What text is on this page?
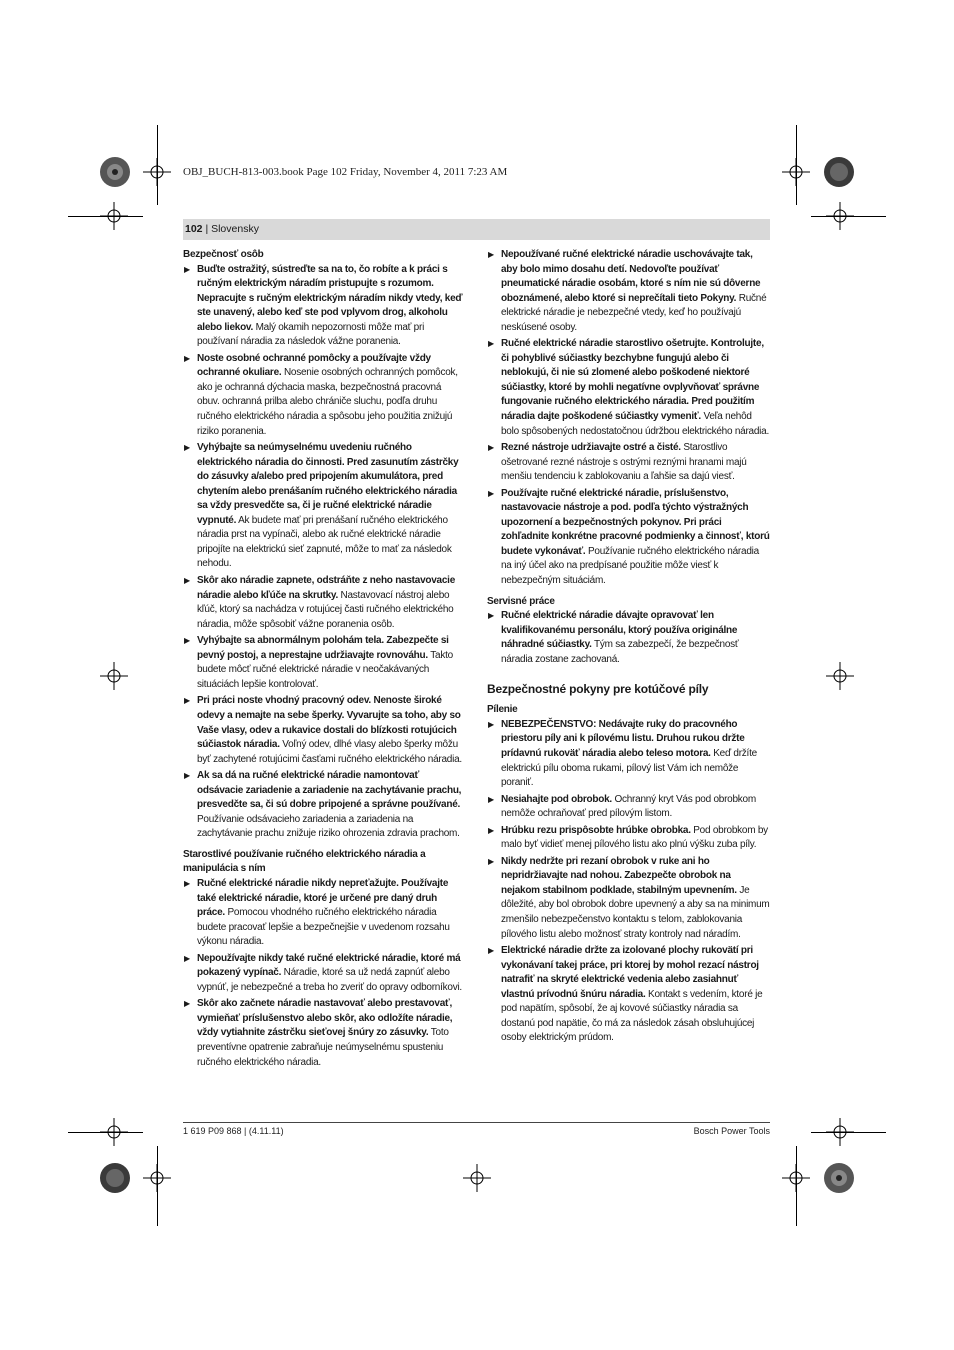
OBJ_BUCH-813-003.book Page 102 Friday, November 4, 2011 7:23 AM
102 | Slovensky

Bezpečnosť osôb

▶ Buďte ostražitý, sústreďte sa na to, čo robíte a k práci s ručným elektrickým náradím pristupujte s rozumom. Nepracujte s ručným elektrickým náradím nikdy vtedy, keď ste unavený, alebo keď ste pod vplyvom drog, alkoholu alebo liekov. Malý okamih nepozornosti môže mať pri používaní náradia za následok vážne poranenia.

▶ Noste osobné ochranné pomôcky a používajte vždy ochranné okuliare. Nosenie osobných ochranných pomôcok, ako je ochranná dýchacia maska, bezpečnostná pracovná obuv. ochranná prilba alebo chrániče sluchu, podľa druhu ručného elektrického náradia a spôsobu jeho použitia znižujú riziko poranenia.

▶ Vyhýbajte sa neúmyselnému uvedeniu ručného elektrického náradia do činnosti. Pred zasunutím zástrčky do zásuvky a/alebo pred pripojením akumulátora, pred chytením alebo prenášaním ručného elektrického náradia sa vždy presvedčte sa, či je ručné elektrické náradie vypnuté. Ak budete mať pri prenášaní ručného elektrického náradia prst na vypínači, alebo ak ručné elektrické náradie pripojíte na elektrickú sieť zapnuté, môže to mať za následok nehodu.

▶ Skôr ako náradie zapnete, odstráňte z neho nastavovacie náradie alebo kľúče na skrutky. Nastavovací nástroj alebo kľúč, ktorý sa nachádza v rotujúcej časti ručného elektrického náradia, môže spôsobiť vážne poranenia osôb.

▶ Vyhýbajte sa abnormálnym polohám tela. Zabezpečte si pevný postoj, a neprestajne udržiavajte rovnováhu. Takto budete môcť ručné elektrické náradie v neočakávaných situáciách lepšie kontrolovať.

▶ Pri práci noste vhodný pracovný odev. Nenoste široké odevy a nemajte na sebe šperky. Vyvarujte sa toho, aby so Vaše vlasy, odev a rukavice dostali do blízkosti rotujúcich súčiastok náradia. Voľný odev, dlhé vlasy alebo šperky môžu byť zachytené rotujúcimi časťami ručného elektrického náradia.

▶ Ak sa dá na ručné elektrické náradie namontovať odsávacie zariadenie a zariadenie na zachytávanie prachu, presvedčte sa, či sú dobre pripojené a správne používané. Používanie odsávacieho zariadenia a zariadenia na zachytávanie prachu znižuje riziko ohrozenia zdravia prachom.

Starostlivé používanie ručného elektrického náradia a manipulácia s ním

▶ Ručné elektrické náradie nikdy nepreťažujte. Používajte také elektrické náradie, ktoré je určené pre daný druh práce. Pomocou vhodného ručného elektrického náradia budete pracovať lepšie a bezpečnejšie v uvedenom rozsahu výkonu náradia.

▶ Nepoužívajte nikdy také ručné elektrické náradie, ktoré má pokazený vypínač. Náradie, ktoré sa už nedá zapnúť alebo vypnúť, je nebezpečné a treba ho zveriť do opravy odborníkovi.

▶ Skôr ako začnete náradie nastavovať alebo prestavovať, vymieňať príslušenstvo alebo skôr, ako odložíte náradie, vždy vytiahnite zástrčku sieťovej šnúry zo zásuvky. Toto preventívne opatrenie zabraňuje neúmyselnému spusteniu ručného elektrického náradia.

▶ Nepoužívané ručné elektrické náradie uschovávajte tak, aby bolo mimo dosahu detí. Nedovoľte používať pneumatické náradie osobám, ktoré s ním nie sú dôverne oboznámené, alebo ktoré si neprečítali tieto Pokyny. Ručné elektrické náradie je nebezpečné vtedy, keď ho používajú neskúsené osoby.

▶ Ručné elektrické náradie starostlivo ošetrujte. Kontrolujte, či pohyblivé súčiastky bezchybne fungujú alebo či neblokujú, či nie sú zlomené alebo poškodené niektoré súčiastky, ktoré by mohli negatívne ovplyvňovať správne fungovanie ručného elektrického náradia. Pred použitím náradia dajte poškodené súčiastky vymeniť. Veľa nehôd bolo spôsobených nedostatočnou údržbou elektrického náradia.

▶ Rezné nástroje udržiavajte ostré a čisté. Starostlivo ošetrované rezné nástroje s ostrými reznými hranami majú menšiu tendenciu k zablokovaniu a ľahšie sa dajú viesť.

▶ Používajte ručné elektrické náradie, príslušenstvo, nastavovacie nástroje a pod. podľa týchto výstražných upozornení a bezpečnostných pokynov. Pri práci zohľadnite konkrétne pracovné podmienky a činnosť, ktorú budete vykonávať. Používanie ručného elektrického náradia na iný účel ako na predpísané použitie môže viesť k nebezpečným situáciám.

Servisné práce

▶ Ručné elektrické náradie dávajte opravovať len kvalifikovanému personálu, ktorý používa originálne náhradné súčiastky. Tým sa zabezpečí, že bezpečnosť náradia zostane zachovaná.

Bezpečnostné pokyny pre kotúčové píly

Pílenie

▶ NEBEZPEČENSTVO: Nedávajte ruky do pracovného priestoru píly ani k pílovému listu. Druhou rukou držte prídavnú rukoväť náradia alebo teleso motora. Keď držíte elektrickú pílu oboma rukami, pílový list Vám ich nemôže poraniť.

▶ Nesiahajte pod obrobok. Ochranný kryt Vás pod obrobkom nemôže ochraňovať pred pílovým listom.

▶ Hrúbku rezu prispôsobte hrúbke obrobka. Pod obrobkom by malo byť vidieť menej pílového listu ako plnú výšku zuba píly.

▶ Nikdy nedržte pri rezaní obrobok v ruke ani ho nepridržiavajte nad nohou. Zabezpečte obrobok na nejakom stabilnom podklade, stabilným upevnením. Je dôležité, aby bol obrobok dobre upevnený a aby sa na minimum zmenšilo nebezpečenstvo kontaktu s telom, zablokovania pílového listu alebo možnosť straty kontroly nad náradím.

▶ Elektrické náradie držte za izolované plochy rukovätí pri vykonávaní takej práce, pri ktorej by mohol rezací nástroj natrafiť na skryté elektrické vedenia alebo zasiahnuť vlastnú prívodnú šnúru náradia. Kontakt s vedením, ktoré je pod napätím, spôsobí, že aj kovové súčiastky náradia sa dostanú pod napätie, čo má za následok zásah obsluhujúcej osoby elektrickým prúdom.

1 619 P09 868 | (4.11.11)	Bosch Power Tools
